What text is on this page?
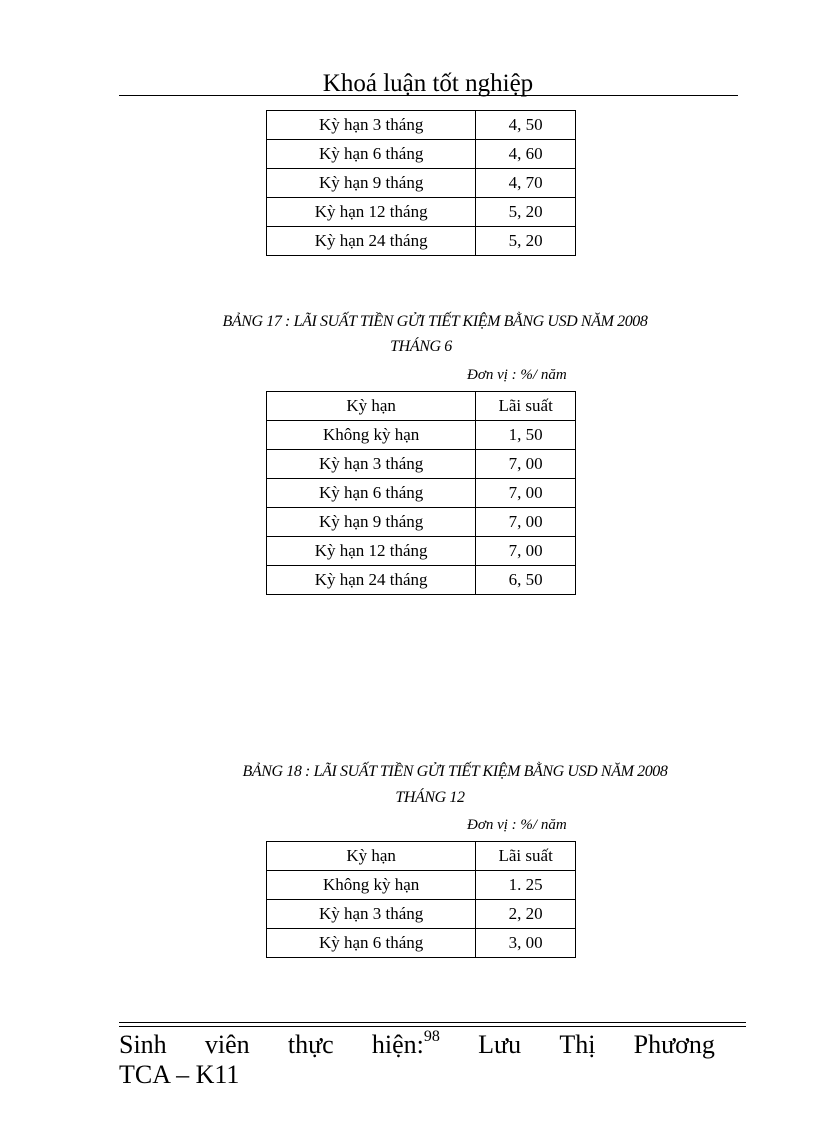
Khoá luận tốt nghiệp
Kỳ hạn 3 tháng	4, 50
Kỳ hạn 6 tháng	4, 60
Kỳ hạn 9 tháng	4, 70
Kỳ hạn 12 tháng	5, 20
Kỳ hạn 24 tháng	5, 20
BẢNG 17 : LÃI SUẤT TIỀN GỬI TIẾT KIỆM BẰNG USD NĂM 2008
THÁNG 6
Đơn vị : %/ năm
Kỳ hạn	Lãi suất
Không kỳ hạn	1, 50
Kỳ hạn 3 tháng	7, 00
Kỳ hạn 6 tháng	7, 00
Kỳ hạn 9 tháng	7, 00
Kỳ hạn 12 tháng	7, 00
Kỳ hạn 24 tháng	6, 50
BẢNG 18 : LÃI SUẤT TIỀN GỬI TIẾT KIỆM BẰNG USD NĂM 2008
THÁNG 12
Đơn vị : %/ năm
Kỳ hạn	Lãi suất
Không kỳ hạn	1. 25
Kỳ hạn 3 tháng	2, 20
Kỳ hạn 6 tháng	3, 00
Sinh viên thực hiện:$^{98}$ Lưu Thị Phương
TCA – K11
